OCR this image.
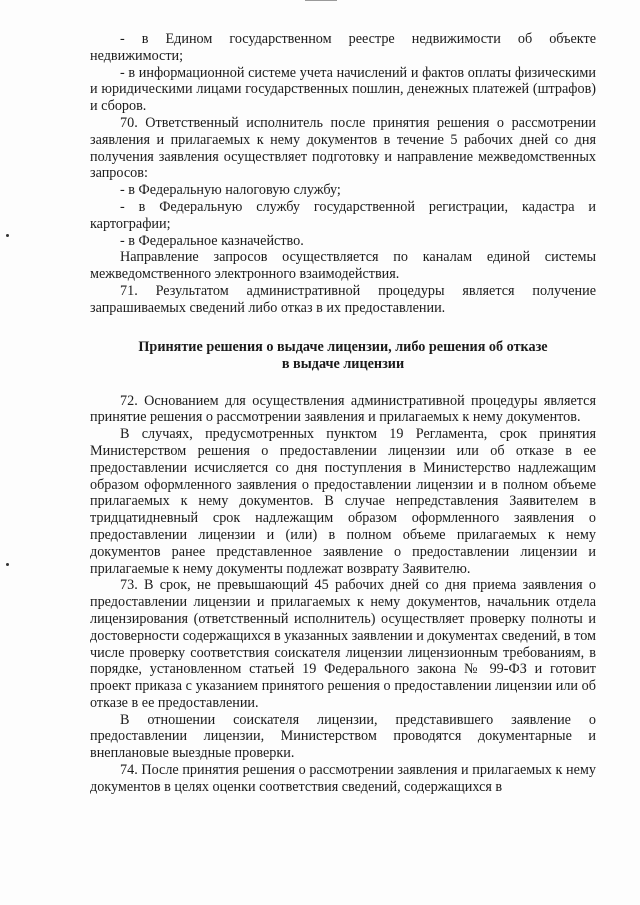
- в Едином государственном реестре недвижимости об объекте недвижимости;

- в информационной системе учета начислений и фактов оплаты физическими и юридическими лицами государственных пошлин, денежных платежей (штрафов) и сборов.

70. Ответственный исполнитель после принятия решения о рассмотрении заявления и прилагаемых к нему документов в течение 5 рабочих дней со дня получения заявления осуществляет подготовку и направление межведомственных запросов:

- в Федеральную налоговую службу;

- в Федеральную службу государственной регистрации, кадастра и картографии;

- в Федеральное казначейство.

Направление запросов осуществляется по каналам единой системы межведомственного электронного взаимодействия.

71. Результатом административной процедуры является получение запрашиваемых сведений либо отказ в их предоставлении.

Принятие решения о выдаче лицензии, либо решения об отказе
в выдаче лицензии

72. Основанием для осуществления административной процедуры является принятие решения о рассмотрении заявления и прилагаемых к нему документов.

В случаях, предусмотренных пунктом 19 Регламента, срок принятия Министерством решения о предоставлении лицензии или об отказе в ее предоставлении исчисляется со дня поступления в Министерство надлежащим образом оформленного заявления о предоставлении лицензии и в полном объеме прилагаемых к нему документов. В случае непредставления Заявителем в тридцатидневный срок надлежащим образом оформленного заявления о предоставлении лицензии и (или) в полном объеме прилагаемых к нему документов ранее представленное заявление о предоставлении лицензии и прилагаемые к нему документы подлежат возврату Заявителю.

73. В срок, не превышающий 45 рабочих дней со дня приема заявления о предоставлении лицензии и прилагаемых к нему документов, начальник отдела лицензирования (ответственный исполнитель) осуществляет проверку полноты и достоверности содержащихся в указанных заявлении и документах сведений, в том числе проверку соответствия соискателя лицензии лицензионным требованиям, в порядке, установленном статьей 19 Федерального закона № 99-ФЗ и готовит проект приказа с указанием принятого решения о предоставлении лицензии или об отказе в ее предоставлении.

В отношении соискателя лицензии, представившего заявление о предоставлении лицензии, Министерством проводятся документарные и внеплановые выездные проверки.

74. После принятия решения о рассмотрении заявления и прилагаемых к нему документов в целях оценки соответствия сведений, содержащихся в
